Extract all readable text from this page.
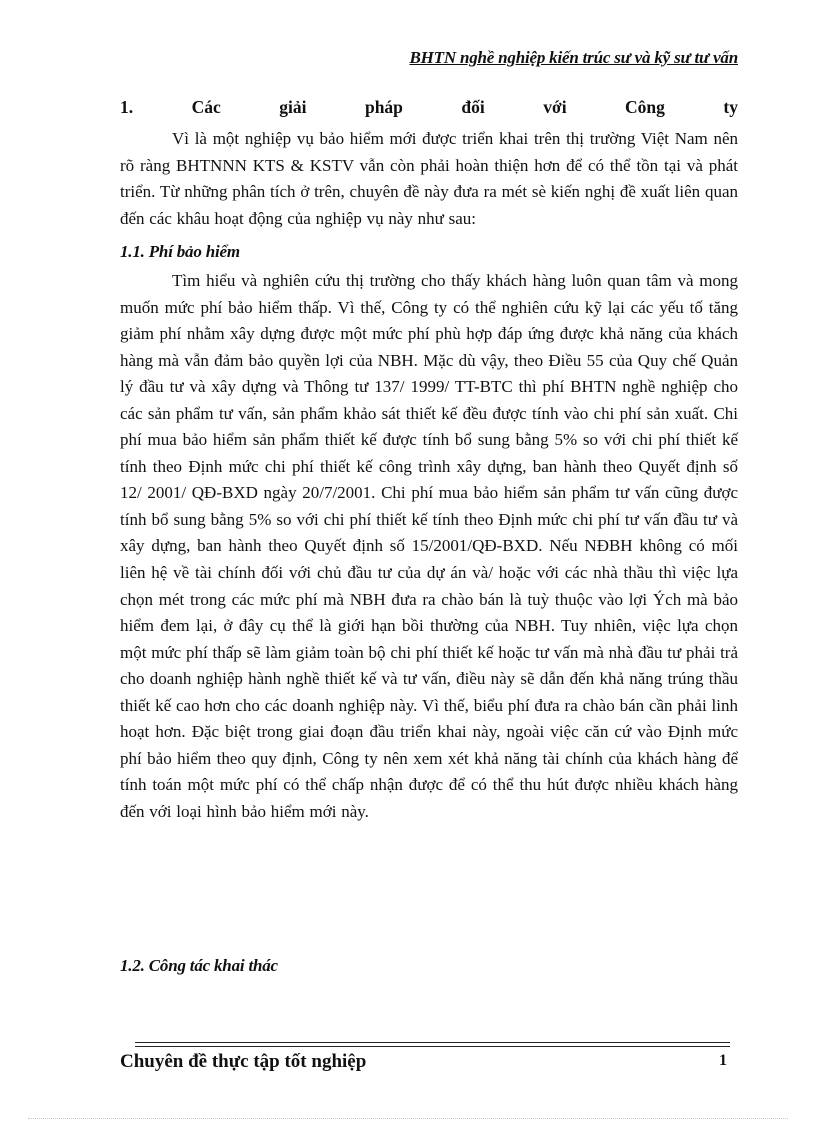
BHTN nghề nghiệp kiến trúc sư và kỹ sư tư vấn
1.	Các	giải	pháp	đối	với	Công	ty

Vì là một nghiệp vụ bảo hiểm mới được triển khai trên thị trường Việt Nam nên rõ ràng BHTNNN KTS & KSTV vẫn còn phải hoàn thiện hơn để có thể tồn tại và phát triển. Từ những phân tích ở trên, chuyên đề này đưa ra mét sè kiến nghị đề xuất liên quan đến các khâu hoạt động của nghiệp vụ này như sau:

1.1. Phí bảo hiểm

Tìm hiểu và nghiên cứu thị trường cho thấy khách hàng luôn quan tâm và mong muốn mức phí bảo hiểm thấp. Vì thế, Công ty có thể nghiên cứu kỹ lại các yếu tố tăng giảm phí nhằm xây dựng được một mức phí phù hợp đáp ứng được khả năng của khách hàng mà vẫn đảm bảo quyền lợi của NBH. Mặc dù vậy, theo Điều 55 của Quy chế Quản lý đầu tư và xây dựng và Thông tư 137/ 1999/ TT-BTC thì phí BHTN nghề nghiệp cho các sản phẩm tư vấn, sản phẩm khảo sát thiết kế đều được tính vào chi phí sản xuất. Chi phí mua bảo hiểm sản phẩm thiết kế được tính bổ sung bằng 5% so với chi phí thiết kế tính theo Định mức chi phí thiết kế công trình xây dựng, ban hành theo Quyết định số 12/ 2001/ QĐ-BXD ngày 20/7/2001. Chi phí mua bảo hiểm sản phẩm tư vấn cũng được tính bổ sung bằng 5% so với chi phí thiết kế tính theo Định mức chi phí tư vấn đầu tư và xây dựng, ban hành theo Quyết định số 15/2001/QĐ-BXD. Nếu NĐBH không có mối liên hệ về tài chính đối với chủ đầu tư của dự án và/ hoặc với các nhà thầu thì việc lựa chọn mét trong các mức phí mà NBH đưa ra chào bán là tuỳ thuộc vào lợi Ých mà bảo hiểm đem lại, ở đây cụ thể là giới hạn bồi thường của NBH. Tuy nhiên, việc lựa chọn một mức phí thấp sẽ làm giảm toàn bộ chi phí thiết kế hoặc tư vấn mà nhà đầu tư phải trả cho doanh nghiệp hành nghề thiết kế và tư vấn, điều này sẽ dẫn đến khả năng trúng thầu thiết kế cao hơn cho các doanh nghiệp này. Vì thế, biểu phí đưa ra chào bán cần phải linh hoạt hơn. Đặc biệt trong giai đoạn đầu triển khai này, ngoài việc căn cứ vào Định mức phí bảo hiểm theo quy định, Công ty nên xem xét khả năng tài chính của khách hàng để tính toán một mức phí có thể chấp nhận được để có thể thu hút được nhiều khách hàng đến với loại hình bảo hiểm mới này.

1.2. Công tác khai thác
Chuyên đề thực tập tốt nghiệp	1
